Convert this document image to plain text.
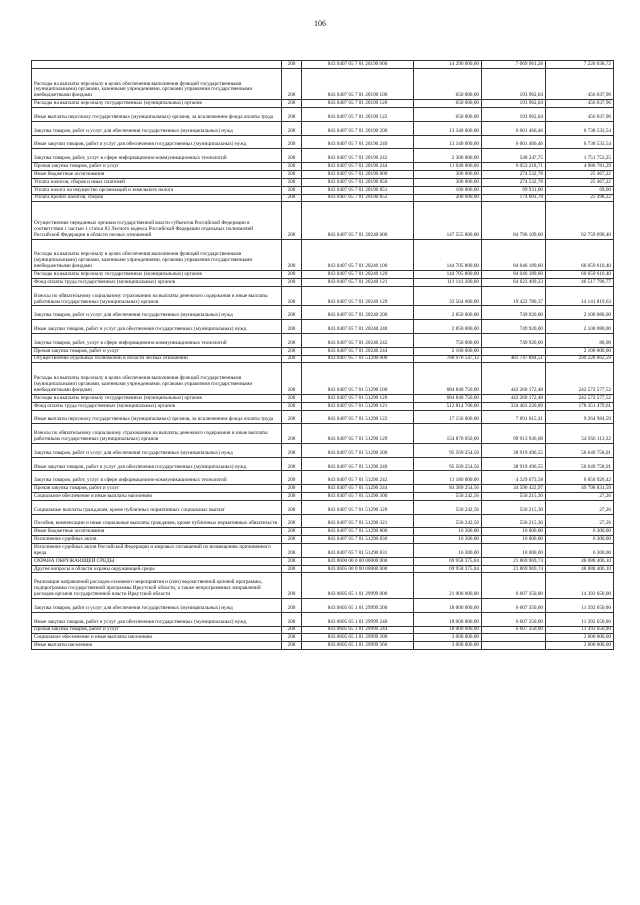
106
	200	843 0407 65 7 01 20190 000	14 290 000,00	7 069 961,28	7 220 038,72
Расходы на выплаты персоналу в целях обеспечения выполнения функций государственными (муниципальными) органами, казенными учреждениями, органами управления государственными внебюджетными фондами	200	843 0407 65 7 01 20190 100	650 000,00	193 962,04	456 037,96
Расходы на выплаты персоналу государственных (муниципальных) органов	200	843 0407 65 7 01 20190 120	650 000,00	193 962,04	456 037,96
Иные выплаты персоналу государственных (муниципальных) органов, за исключением фонда оплаты труда	200	843 0407 65 7 01 20190 122	650 000,00	193 962,04	456 037,96
Закупка товаров, работ и услуг для обеспечения государственных (муниципальных) нужд	200	843 0407 65 7 01 20190 200	13 340 000,00	6 601 466,46	6 738 533,54
Иные закупки товаров, работ и услуг для обеспечения государственных (муниципальных) нужд	200	843 0407 65 7 01 20190 240	13 340 000,00	6 601 466,46	6 738 533,54
Закупка товаров, работ, услуг в сфере информационно-коммуникационных технологий	200	843 0407 65 7 01 20190 242	2 300 000,00	548 247,75	1 751 752,25
Прочая закупка товаров, работ и услуг	200	843 0407 65 7 01 20190 244	11 040 000,00	6 053 218,71	4 986 781,29
Иные бюджетные ассигнования	200	843 0407 65 7 01 20190 800	300 000,00	274 532,78	25 467,22
Уплата налогов, сборов и иных платежей	200	843 0407 65 7 01 20190 850	300 000,00	274 532,78	25 467,22
Уплата налога на имущество организаций и земельного налога	200	843 0407 65 7 01 20190 851	100 000,00	99 931,00	69,00
Уплата прочих налогов, сборов	200	843 0407 65 7 01 20190 852	200 000,00	174 601,78	25 398,22
Осуществление переданных органам государственной власти субъектов Российской Федерации в соответствии с частью 1 статьи 83 Лесного кодекса Российской Федерации отдельных полномочий Российской Федерации в области лесных отношений	200	843 0407 65 7 01 20240 000	147 555 800,00	84 796 109,60	62 759 690,40
Расходы на выплаты персоналу в целях обеспечения выполнения функций государственными (муниципальными) органами, казенными учреждениями, органами управления государственными внебюджетными фондами	200	843 0407 65 7 01 20240 100	144 705 800,00	84 046 189,60	60 659 610,40
Расходы на выплаты персоналу государственных (муниципальных) органов	200	843 0407 65 7 01 20240 120	144 705 800,00	84 046 189,60	60 659 610,40
Фонд оплаты труда государственных (муниципальных) органов	200	843 0407 65 7 01 20240 121	111 141 200,00	64 623 409,23	46 517 790,77
Взносы по обязательному социальному страхованию на выплаты денежного содержания и иные выплаты работникам государственных (муниципальных) органов	200	843 0407 65 7 01 20240 129	33 564 600,00	19 422 780,37	14 141 819,63
Закупка товаров, работ и услуг для обеспечения государственных (муниципальных) нужд	200	843 0407 65 7 01 20240 200	2 850 000,00	749 920,00	2 100 080,00
Иные закупки товаров, работ и услуг для обеспечения государственных (муниципальных) нужд	200	843 0407 65 7 01 20240 240	2 850 000,00	749 920,00	2 100 080,00
Закупка товаров, работ, услуг в сфере информационно-коммуникационных технологий	200	843 0407 65 7 01 20240 242	750 000,00	749 920,00	80,00
Прочая закупка товаров, работ и услуг	200	843 0407 65 7 01 20240 244	2 100 000,00		2 100 000,00
Осуществление отдельных полномочий в области лесных отношений	200	843 0407 65 7 01 51290 000	780 976 547,12	481 747 884,51	299 228 662,59
Расходы на выплаты персоналу в целях обеспечения выполнения функций государственными (муниципальными) органами, казенными учреждениями, органами управления государственными внебюджетными фондами	200	843 0407 65 7 01 51290 100	684 840 750,00	442 268 172,48	242 572 577,52
Расходы на выплаты персоналу государственных (муниципальных) органов	200	843 0407 65 7 01 51290 120	684 840 750,00	442 268 172,48	242 572 577,52
Фонд оплаты труда государственных (муниципальных) органов	200	843 0407 65 7 01 51290 121	512 814 700,00	334 463 220,89	178 351 479,61
Иные выплаты персоналу государственных (муниципальных) органов, за исключением фонда оплаты труда	200	843 0407 65 7 01 51290 122	17 156 000,00	7 891 015,41	9 264 984,59
Взносы по обязательному социальному страхованию на выплаты денежного содержания и иные выплаты работникам государственных (муниципальных) органов	200	843 0407 65 7 01 51290 129	154 870 050,00	99 913 936,68	54 956 113,32
Закупка товаров, работ и услуг для обеспечения государственных (муниципальных) нужд	200	843 0407 65 7 01 51290 200	95 569 254,56	38 919 496,55	56 649 758,01
Иные закупки товаров, работ и услуг для обеспечения государственных (муниципальных) нужд	200	843 0407 65 7 01 51290 240	95 569 254,56	38 919 496,55	56 649 758,01
Закупка товаров, работ, услуг в сфере информационно-коммуникационных технологий	200	843 0407 65 7 01 51290 242	11 180 000,00	4 329 073,58	6 850 926,42
Прочая закупка товаров, работ и услуг	200	843 0407 65 7 01 51290 244	84 389 254,56	34 590 422,97	49 798 831,59
Социальное обеспечение и иные выплаты населению	200	843 0407 65 7 01 51290 300	550 242,56	550 215,30	27,26
Социальные выплаты гражданам, кроме публичных нормативных социальных выплат	200	843 0407 65 7 01 51290 320	550 242,56	550 215,30	27,26
Пособия, компенсации и иные социальные выплаты гражданам, кроме публичных нормативных обязательств	200	843 0407 65 7 01 51290 321	550 242,56	550 215,30	27,26
Иные бюджетные ассигнования	200	843 0407 65 7 01 51290 800	16 300,00	10 000,00	6 300,00
Исполнение судебных актов	200	843 0407 65 7 01 51290 830	16 300,00	10 000,00	6 300,00
Исполнение судебных актов Российской Федерации и мировых соглашений по возмещению причиненного вреда	200	843 0407 65 7 01 51290 831	16 300,00	10 000,00	6 300,00
ОХРАНА ОКРУЖАЮЩЕЙ СРЕДЫ	200	843 0600 00 0 00 00000 000	69 958 375,84	21 869 969,74	48 088 406,10
Другие вопросы в области охраны окружающей среды	200	843 0605 00 0 00 00000 000	69 958 375,84	21 869 969,74	48 088 406,10
Реализация направлений расходов основного мероприятия и (или) ведомственной целевой программы, подпрограммы государственной программы Иркутской области, а также непрограммных направлений расходов органов государственной власти Иркутской области	200	843 0605 65 1 01 29999 000	21 000 000,00	6 607 350,00	14 392 650,00
Закупка товаров, работ и услуг для обеспечения государственных (муниципальных) нужд	200	843 0605 65 1 01 29999 200	18 000 000,00	6 607 350,00	11 392 650,00
Иные закупки товаров, работ и услуг для обеспечения государственных (муниципальных) нужд	200	843 0605 65 1 01 29999 240	18 000 000,00	6 607 350,00	11 392 650,00
Прочая закупка товаров, работ и услуг	200	843 0605 65 1 01 29999 244	18 000 000,00	6 607 350,00	11 392 650,00
Социальное обеспечение и иные выплаты населению	200	843 0605 65 1 01 29999 300	3 000 000,00		3 000 000,00
Иные выплаты населению	200	843 0605 65 1 01 29999 360	3 000 000,00		3 000 000,00
